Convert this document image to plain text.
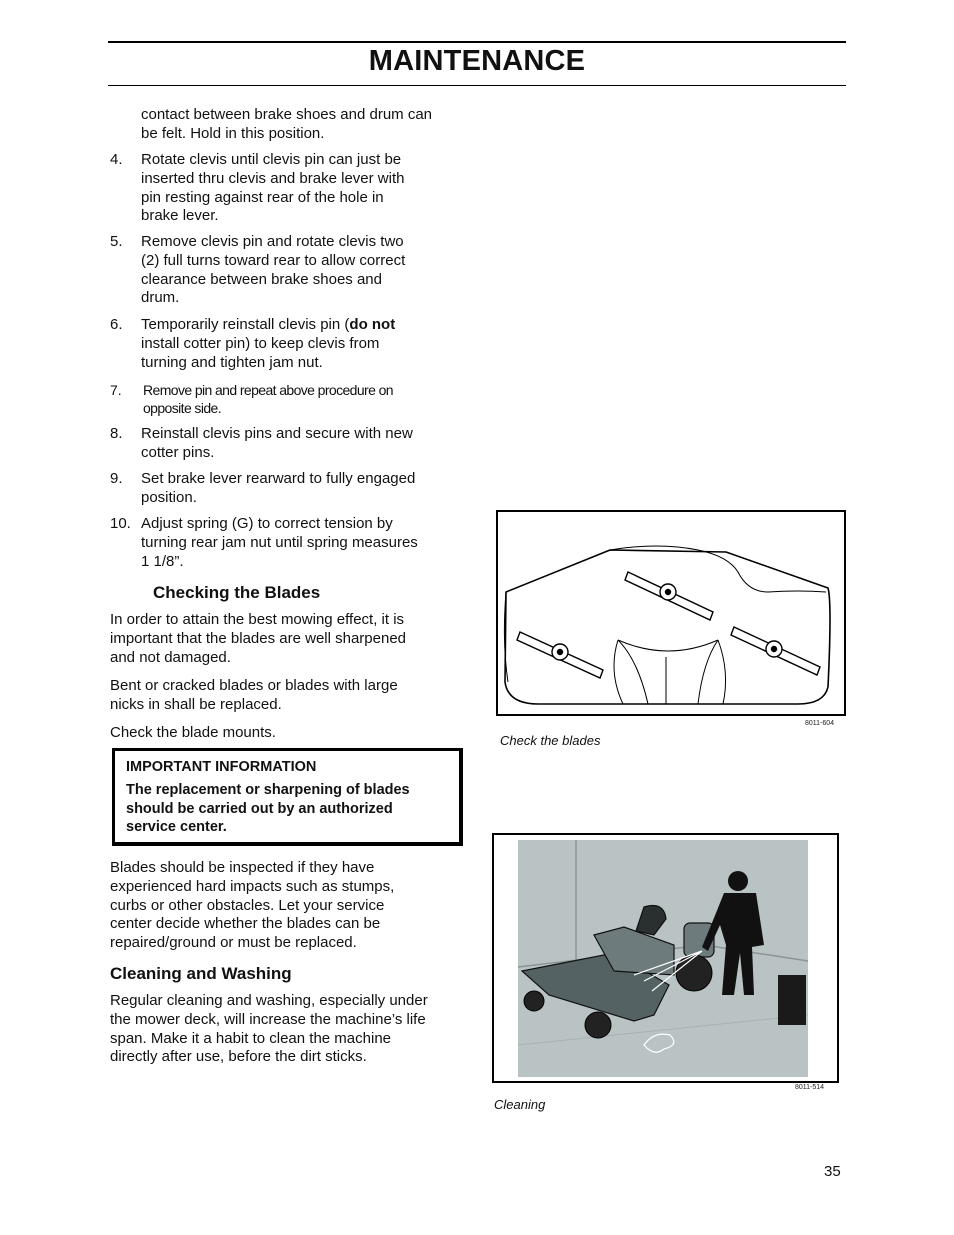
MAINTENANCE
contact between brake shoes and drum can be felt. Hold in this position.
4. Rotate clevis until clevis pin can just be inserted thru clevis and brake lever with pin resting against rear of the hole in brake lever.
5. Remove clevis pin and rotate clevis two (2) full turns toward rear to allow correct clearance between brake shoes and drum.
6. Temporarily reinstall clevis pin (do not install cotter pin) to keep clevis from turning and tighten jam nut.
7. Remove pin and repeat above procedure on opposite side.
8. Reinstall clevis pins and secure with new cotter pins.
9. Set brake lever rearward to fully engaged position.
10. Adjust spring (G) to correct tension by turning rear jam nut until spring measures 1 1/8”.
Checking the Blades
In order to attain the best mowing effect, it is important that the blades are well sharpened and not damaged.
Bent or cracked blades or blades with large nicks in shall be replaced.
Check the blade mounts.
IMPORTANT INFORMATION
The replacement or sharpening of blades should be carried out by an authorized service center.
Blades should be inspected if they have experienced hard impacts such as stumps, curbs or other obstacles. Let your service center decide whether the blades can be repaired/ground or must be replaced.
Cleaning and Washing
Regular cleaning and washing, especially under the mower deck, will increase the machine’s life span. Make it a habit to clean the machine directly after use, before the dirt sticks.
8011-604
Check the blades
8011-514
Cleaning
35
